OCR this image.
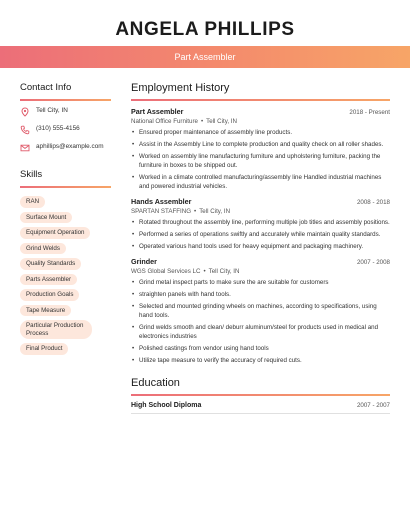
ANGELA PHILLIPS
Part Assembler
Contact Info
Tell City, IN
(310) 555-4156
aphillips@example.com
Skills
RAN
Surface Mount
Equipment Operation
Grind Welds
Quality Standards
Parts Assembler
Production Goals
Tape Measure
Particular Production Process
Final Product
Employment History
Part Assembler	2018 - Present
National Office Furniture • Tell City, IN
• Ensured proper maintenance of assembly line products.
• Assist in the Assembly Line to complete production and quality check on all roller shades.
• Worked on assembly line manufacturing furniture and upholstering furniture, packing the furniture in boxes to be shipped out.
• Worked in a climate controlled manufacturing/assembly line Handled industrial machines and powered industrial vehicles.
Hands Assembler	2008 - 2018
SPARTAN STAFFING • Tell City, IN
• Rotated throughout the assembly line, performing multiple job titles and assembly positions.
• Performed a series of operations swiftly and accurately while maintain quality standards.
• Operated various hand tools used for heavy equipment and packaging machinery.
Grinder	2007 - 2008
WGS Global Services LC • Tell City, IN
• Grind metal inspect parts to make sure the are suitable for customers
• straighten panels with hand tools.
• Selected and mounted grinding wheels on machines, according to specifications, using hand tools.
• Grind welds smooth and clean/ deburr aluminum/steel for products used in medical and electronics industries
• Polished castings from vendor using hand tools
• Utilize tape measure to verify the accuracy of required cuts.
Education
High School Diploma	2007 - 2007
